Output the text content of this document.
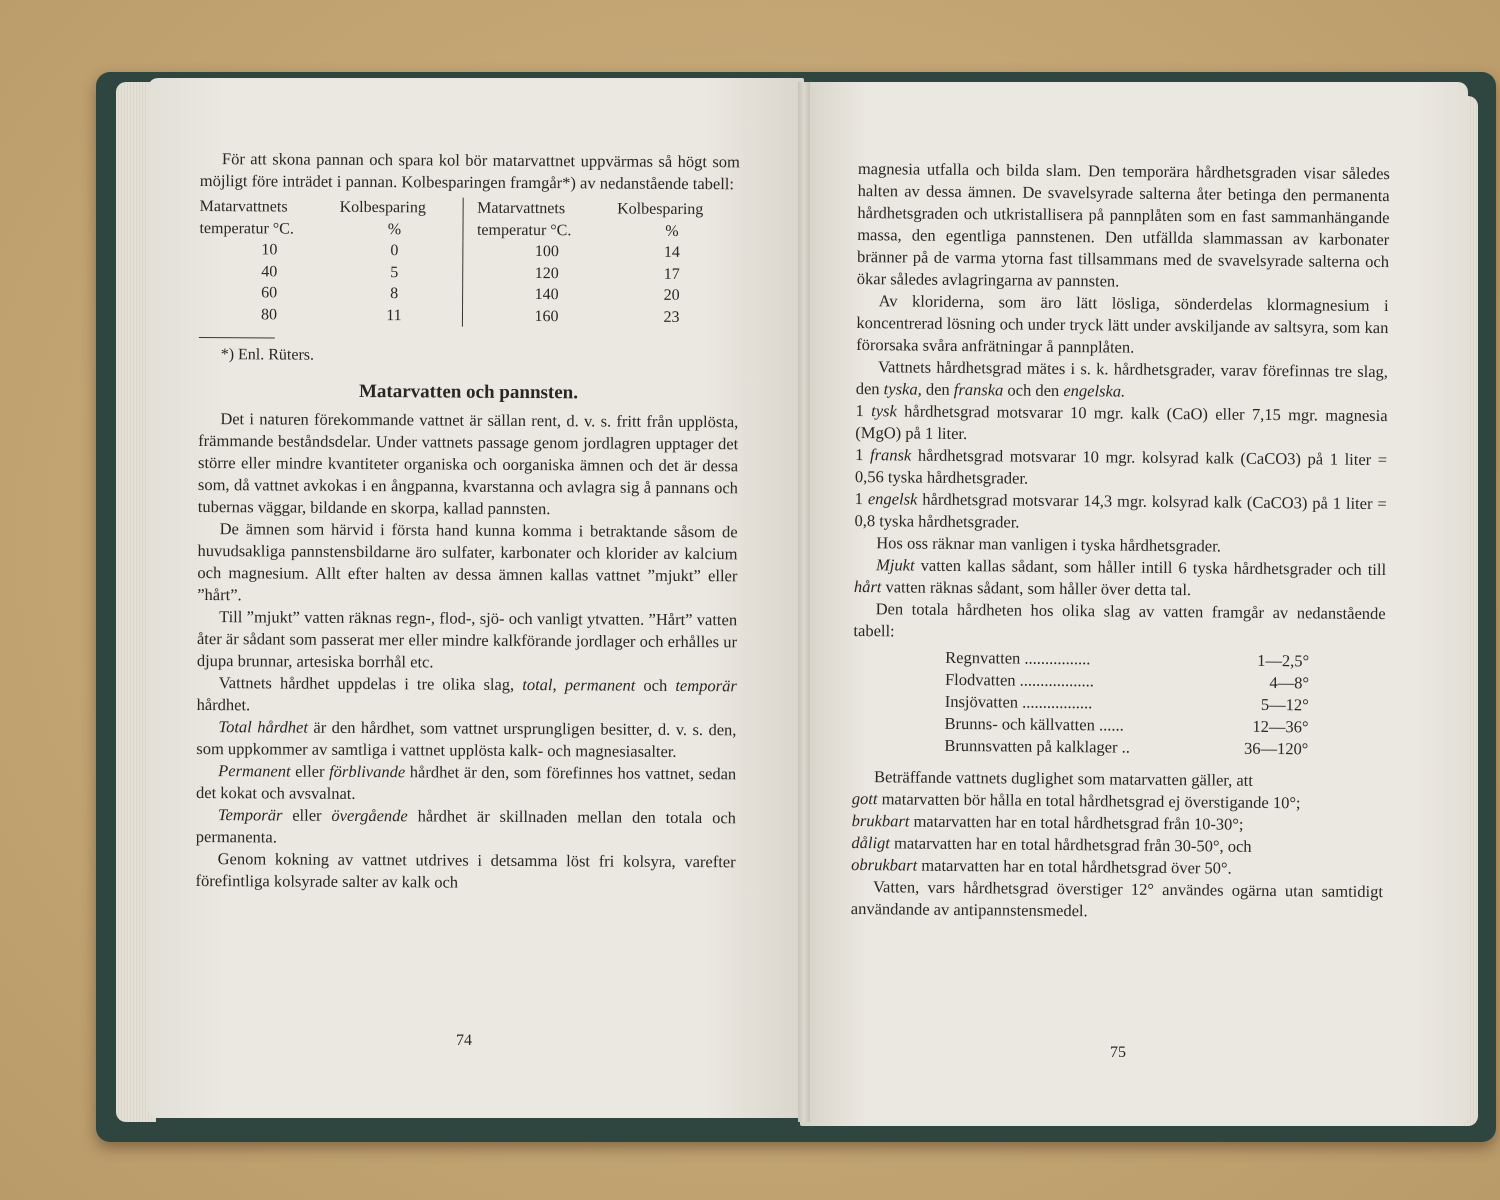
För att skona pannan och spara kol bör matarvattnet uppvärmas så högt som möjligt före inträdet i pannan. Kolbesparingen framgår*) av nedanstående tabell:

Matarvattnets	Kolbesparing	Matarvattnets	Kolbesparing
temperatur °C.	%	temperatur °C.	%
10	0	100	14
40	5	120	17
60	8	140	20
80	11	160	23

*) Enl. Rüters.

Matarvatten och pannsten.

Det i naturen förekommande vattnet är sällan rent, d. v. s. fritt från upplösta, främmande beståndsdelar. Under vattnets passage genom jordlagren upptager det större eller mindre kvantiteter organiska och oorganiska ämnen och det är dessa som, då vattnet avkokas i en ångpanna, kvarstanna och avlagra sig å pannans och tubernas väggar, bildande en skorpa, kallad pannsten.

De ämnen som härvid i första hand kunna komma i betraktande såsom de huvudsakliga pannstensbildarne äro sulfater, karbonater och klorider av kalcium och magnesium. Allt efter halten av dessa ämnen kallas vattnet ”mjukt” eller ”hårt”.

Till ”mjukt” vatten räknas regn-, flod-, sjö- och vanligt ytvatten. ”Hårt” vatten åter är sådant som passerat mer eller mindre kalkförande jordlager och erhålles ur djupa brunnar, artesiska borrhål etc.

Vattnets hårdhet uppdelas i tre olika slag, total, permanent och temporär hårdhet.

Total hårdhet är den hårdhet, som vattnet ursprungligen besitter, d. v. s. den, som uppkommer av samtliga i vattnet upplösta kalk- och magnesiasalter.

Permanent eller förblivande hårdhet är den, som förefinnes hos vattnet, sedan det kokat och avsvalnat.

Temporär eller övergående hårdhet är skillnaden mellan den totala och permanenta.

Genom kokning av vattnet utdrives i detsamma löst fri kolsyra, varefter förefintliga kolsyrade salter av kalk och

74

magnesia utfalla och bilda slam. Den temporära hårdhetsgraden visar således halten av dessa ämnen. De svavelsyrade salterna åter betinga den permanenta hårdhetsgraden och utkristallisera på pannplåten som en fast sammanhängande massa, den egentliga pannstenen. Den utfällda slammassan av karbonater bränner på de varma ytorna fast tillsammans med de svavelsyrade salterna och ökar således avlagringarna av pannsten.

Av kloriderna, som äro lätt lösliga, sönderdelas klormagnesium i koncentrerad lösning och under tryck lätt under avskiljande av saltsyra, som kan förorsaka svåra anfrätningar å pannplåten.

Vattnets hårdhetsgrad mätes i s. k. hårdhetsgrader, varav förefinnas tre slag, den tyska, den franska och den engelska.

1 tysk hårdhetsgrad motsvarar 10 mgr. kalk (CaO) eller 7,15 mgr. magnesia (MgO) på 1 liter.

1 fransk hårdhetsgrad motsvarar 10 mgr. kolsyrad kalk (CaCO3) på 1 liter = 0,56 tyska hårdhetsgrader.

1 engelsk hårdhetsgrad motsvarar 14,3 mgr. kolsyrad kalk (CaCO3) på 1 liter = 0,8 tyska hårdhetsgrader.

Hos oss räknar man vanligen i tyska hårdhetsgrader.

Mjukt vatten kallas sådant, som håller intill 6 tyska hårdhetsgrader och till hårt vatten räknas sådant, som håller över detta tal.

Den totala hårdheten hos olika slag av vatten framgår av nedanstående tabell:

Regnvatten ................	1—2,5°
Flodvatten ..................	4—8°
Insjövatten .................	5—12°
Brunns- och källvatten ......	12—36°
Brunnsvatten på kalklager ..	36—120°

Beträffande vattnets duglighet som matarvatten gäller, att

gott matarvatten bör hålla en total hårdhetsgrad ej överstigande 10°;

brukbart matarvatten har en total hårdhetsgrad från 10-30°;

dåligt matarvatten har en total hårdhetsgrad från 30-50°, och

obrukbart matarvatten har en total hårdhetsgrad över 50°.

Vatten, vars hårdhetsgrad överstiger 12° användes ogärna utan samtidigt användande av antipannstensmedel.

75
